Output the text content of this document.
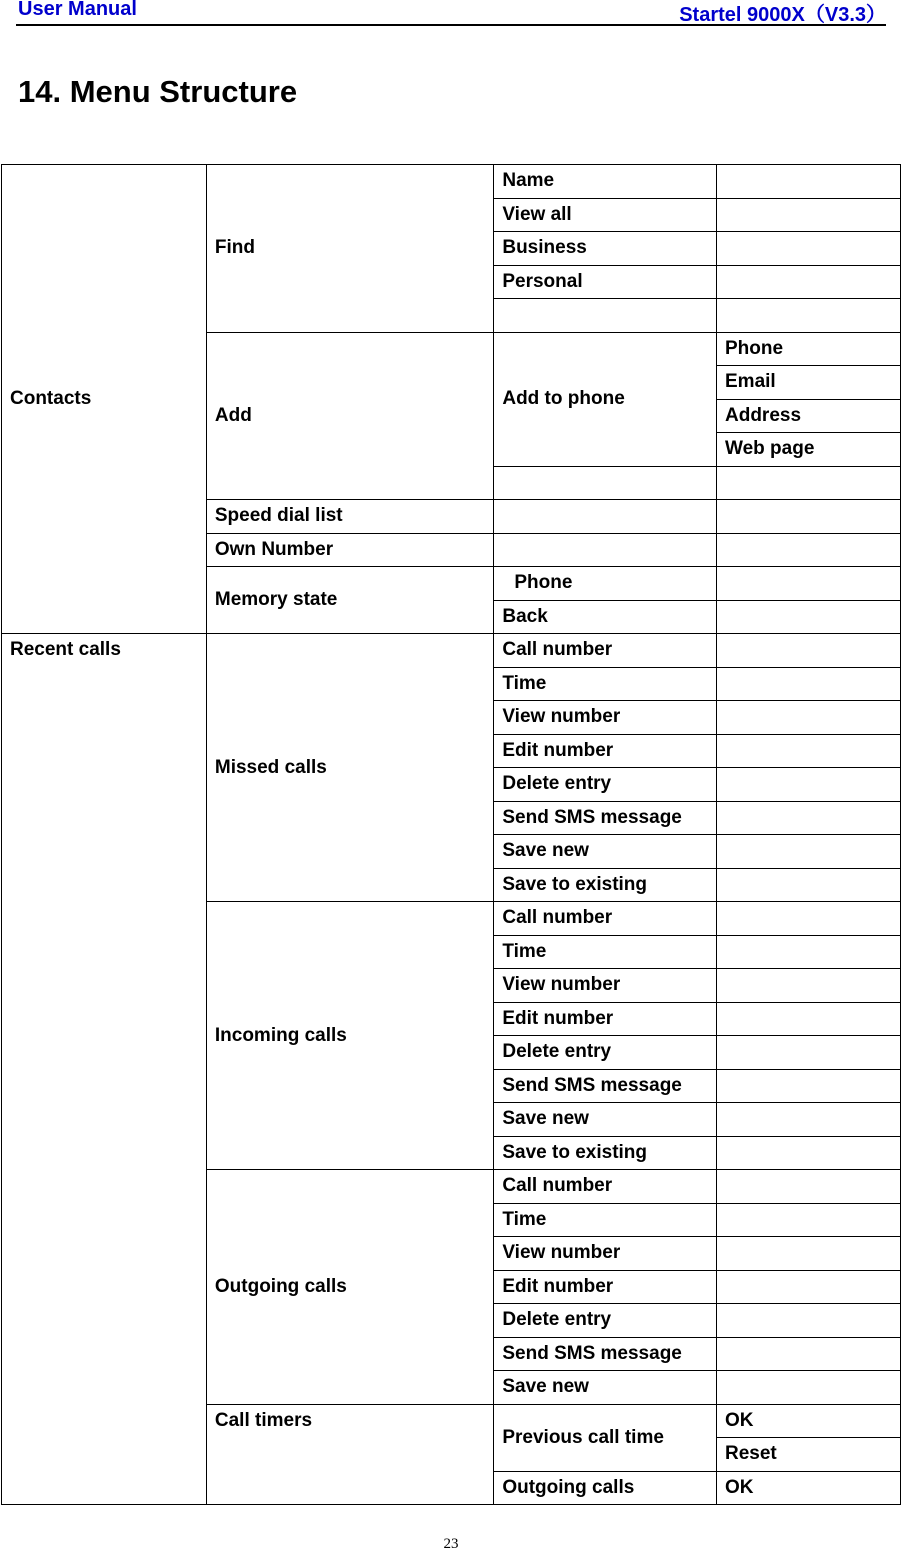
User Manual	Startel 9000X（V3.3）
14. Menu Structure
Contacts	Find	Name	
		View all	
		Business	
		Personal	

	Add	Add to phone	Phone
			Email
			Address
			Web page

	Speed dial list		
	Own Number		
	Memory state	Phone	
		Back	
Recent calls	Missed calls	Call number	
		Time	
		View number	
		Edit number	
		Delete entry	
		Send SMS message	
		Save new	
		Save to existing	
	Incoming calls	Call number	
		Time	
		View number	
		Edit number	
		Delete entry	
		Send SMS message	
		Save new	
		Save to existing	
	Outgoing calls	Call number	
		Time	
		View number	
		Edit number	
		Delete entry	
		Send SMS message	
		Save new	
	Call timers	Previous call time	OK
			Reset
		Outgoing calls	OK
23
